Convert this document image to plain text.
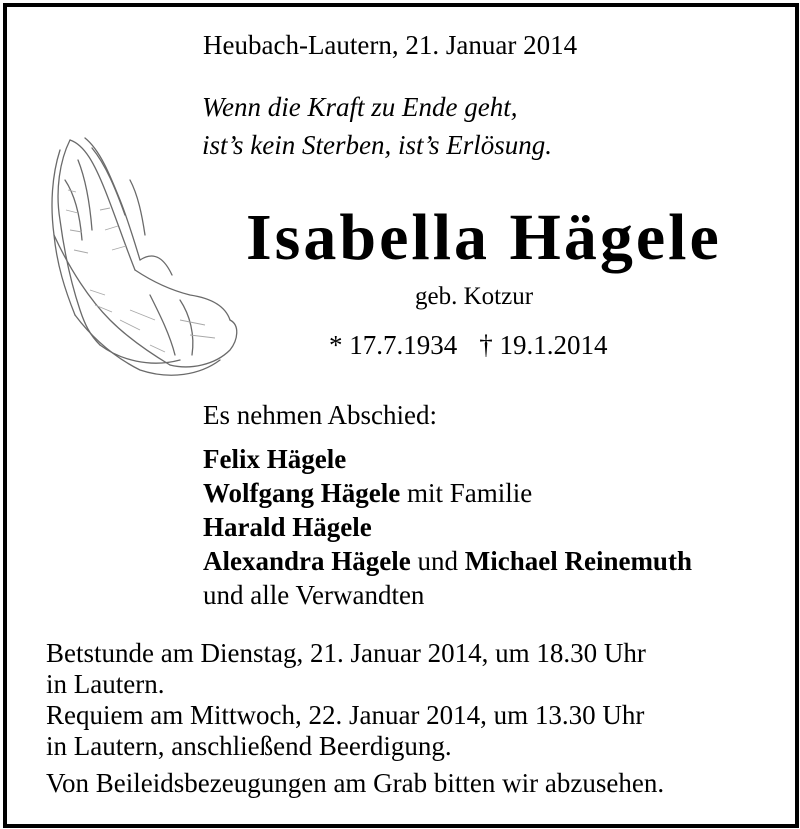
Heubach-Lautern, 21. Januar 2014
Wenn die Kraft zu Ende geht,
ist’s kein Sterben, ist’s Erlösung.
Isabella Hägele
geb. Kotzur
* 17.7.1934 † 19.1.2014
Es nehmen Abschied:
Felix Hägele
Wolfgang Hägele mit Familie
Harald Hägele
Alexandra Hägele und Michael Reinemuth
und alle Verwandten
Betstunde am Dienstag, 21. Januar 2014, um 18.30 Uhr
in Lautern.
Requiem am Mittwoch, 22. Januar 2014, um 13.30 Uhr
in Lautern, anschließend Beerdigung.
Von Beileidsbezeugungen am Grab bitten wir abzusehen.
